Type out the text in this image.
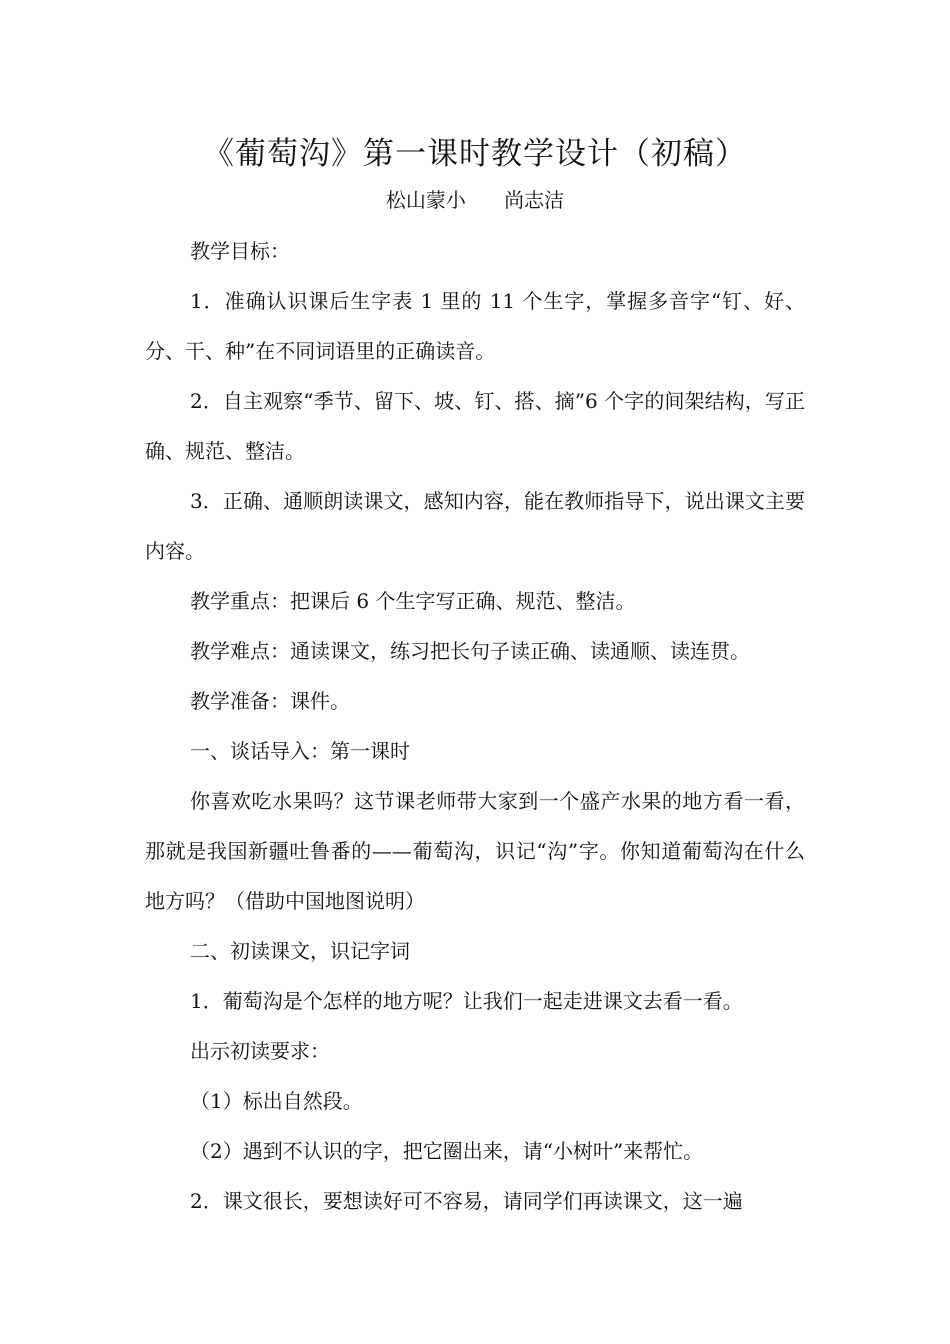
《葡萄沟》第一课时教学设计（初稿）
松山蒙小      尚志洁

教学目标：

1．准确认识课后生字表 1 里的 11 个生字，掌握多音字“钉、好、分、干、种”在不同词语里的正确读音。

2．自主观察“季节、留下、坡、钉、搭、摘”6 个字的间架结构，写正确、规范、整洁。

3．正确、通顺朗读课文，感知内容，能在教师指导下，说出课文主要内容。

教学重点：把课后 6 个生字写正确、规范、整洁。

教学难点：通读课文，练习把长句子读正确、读通顺、读连贯。

教学准备：课件。

一、谈话导入：第一课时

你喜欢吃水果吗？这节课老师带大家到一个盛产水果的地方看一看，那就是我国新疆吐鲁番的——葡萄沟，识记“沟”字。你知道葡萄沟在什么地方吗？（借助中国地图说明）

二、初读课文，识记字词

1．葡萄沟是个怎样的地方呢？让我们一起走进课文去看一看。

出示初读要求：

（1）标出自然段。

（2）遇到不认识的字，把它圈出来，请“小树叶”来帮忙。

2．课文很长，要想读好可不容易，请同学们再读课文，这一遍
